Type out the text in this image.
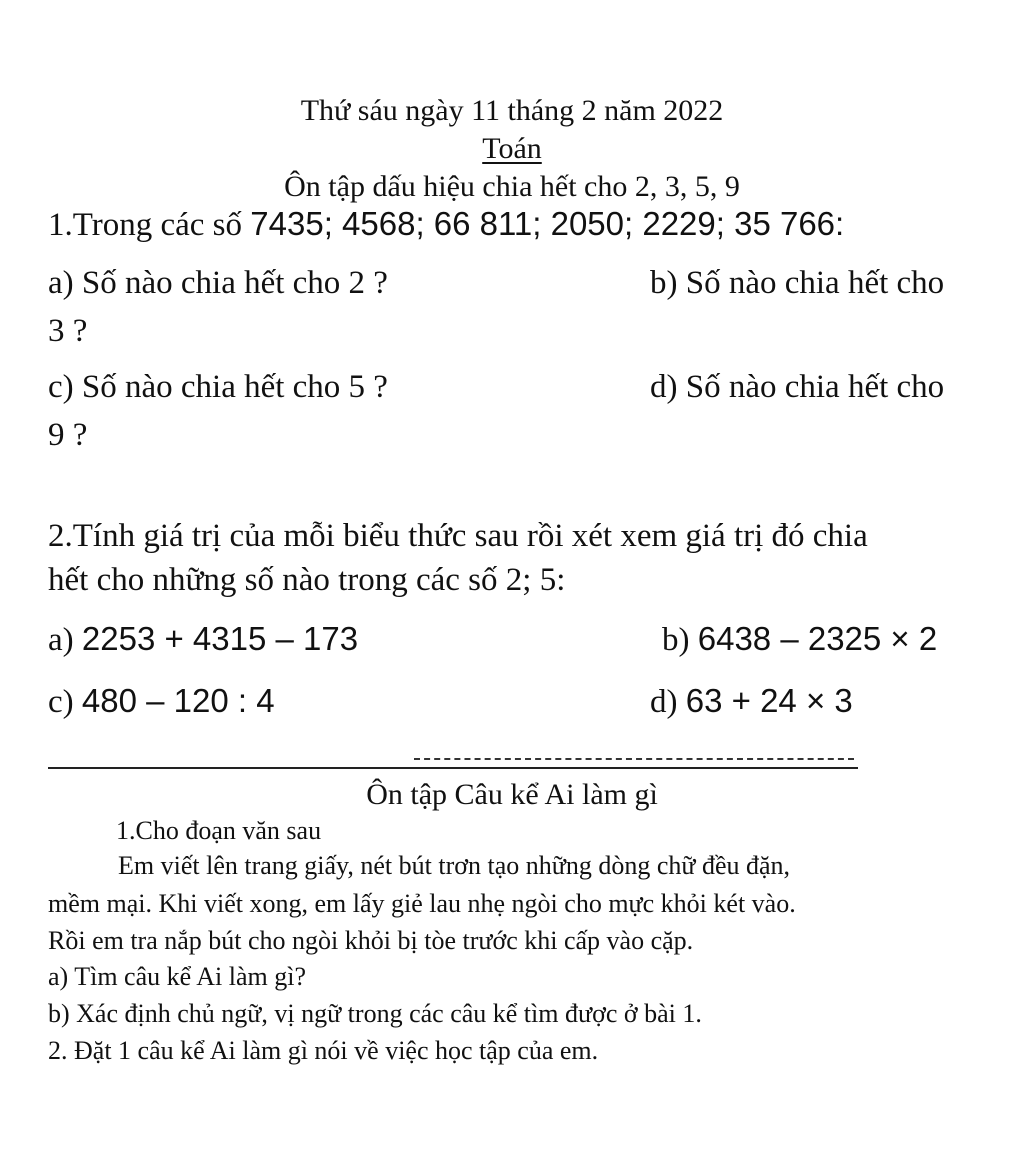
Thứ sáu ngày 11 tháng 2 năm 2022
Toán
Ôn tập dấu hiệu chia hết cho 2, 3, 5, 9
1.Trong các số 7435; 4568; 66 811; 2050; 2229; 35 766:
a) Số nào chia hết cho 2 ?	b) Số nào chia hết cho
3 ?
c) Số nào chia hết cho 5 ?	d) Số nào chia hết cho
9 ?
2.Tính giá trị của mỗi biểu thức sau rồi xét xem giá trị đó chia
hết cho những số nào trong các số 2; 5:
a) 2253 + 4315 – 173	b) 6438 – 2325 × 2
c) 480 – 120 : 4	d) 63 + 24 × 3
Ôn tập Câu kể Ai làm gì
1.Cho đoạn văn sau
Em viết lên trang giấy, nét bút trơn tạo những dòng chữ đều đặn,
mềm mại. Khi viết xong, em lấy giẻ lau nhẹ ngòi cho mực khỏi két vào.
Rồi em tra nắp bút cho ngòi khỏi bị tòe trước khi cấp vào cặp.
a) Tìm câu kể Ai làm gì?
b) Xác định chủ ngữ, vị ngữ trong các câu kể tìm được ở bài 1.
2. Đặt 1 câu kể Ai làm gì nói về việc học tập của em.
